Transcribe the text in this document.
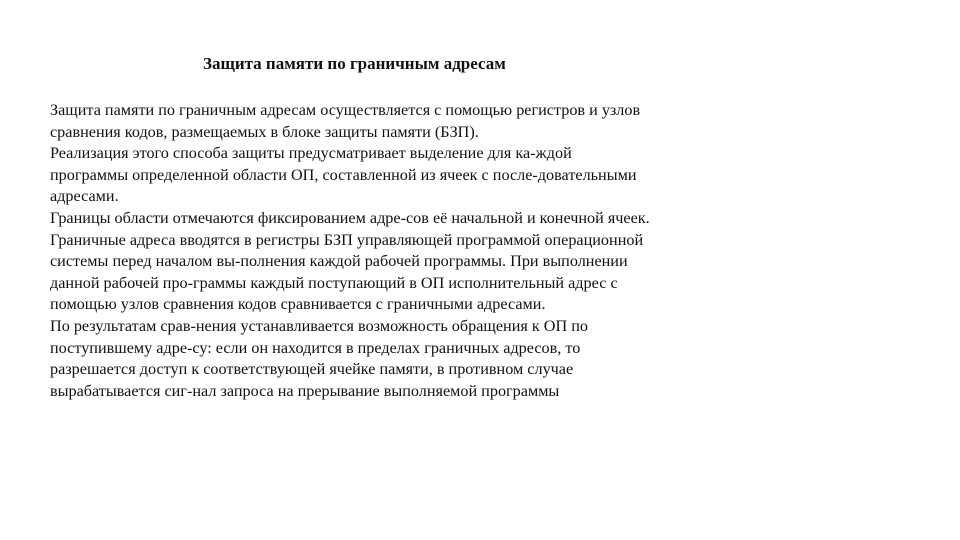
Защита памяти по граничным адресам
Защита памяти по граничным адресам осуществляется с помощью регистров и узлов
сравнения кодов, размещаемых в блоке защиты памяти (БЗП).
Реализация этого способа защиты предусматривает выделение для ка-ждой
программы определенной области ОП, составленной из ячеек с после-довательными
адресами.
Границы области отмечаются фиксированием адре-сов её начальной и конечной ячеек.
Граничные адреса вводятся в регистры БЗП управляющей программой операционной
системы перед началом вы-полнения каждой рабочей программы. При выполнении
данной рабочей про-граммы каждый поступающий в ОП исполнительный адрес с
помощью узлов сравнения кодов сравнивается с граничными адресами.
По результатам срав-нения устанавливается возможность обращения к ОП по
поступившему адре-су: если он находится в пределах граничных адресов, то
разрешается доступ к соответствующей ячейке памяти, в противном случае
вырабатывается сиг-нал запроса на прерывание выполняемой программы
